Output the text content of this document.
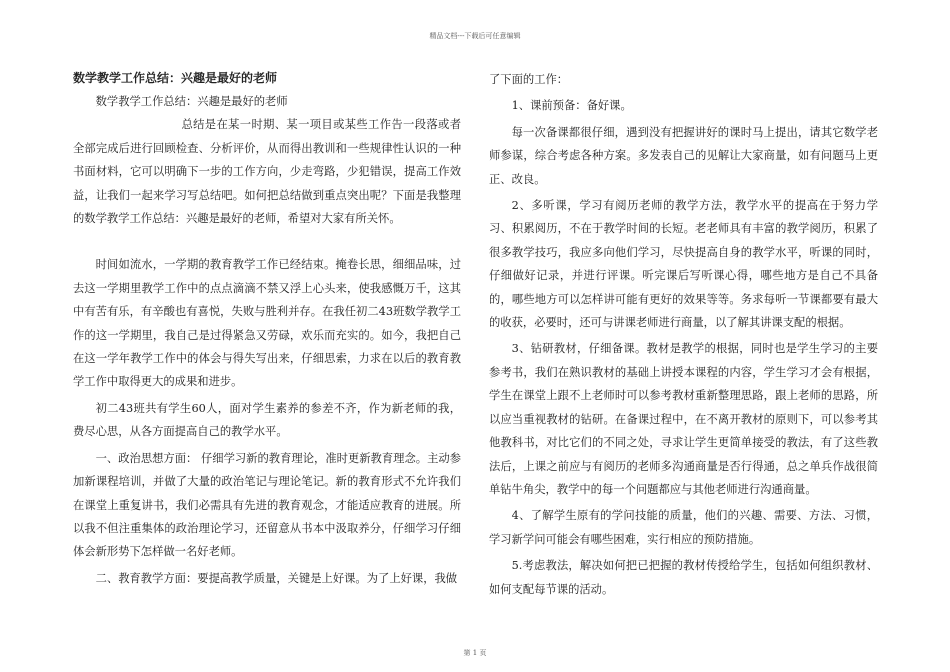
精品文档---下载后可任意编辑
数学教学工作总结：兴趣是最好的老师

数学教学工作总结：兴趣是最好的老师

总结是在某一时期、某一项目或某些工作告一段落或者全部完成后进行回顾检查、分析评价，从而得出教训和一些规律性认识的一种书面材料，它可以明确下一步的工作方向，少走弯路，少犯错误，提高工作效益，让我们一起来学习写总结吧。如何把总结做到重点突出呢？下面是我整理的数学教学工作总结：兴趣是最好的老师，希望对大家有所关怀。

时间如流水，一学期的教育教学工作已经结束。掩卷长思，细细品味，过去这一学期里教学工作中的点点滴滴不禁又浮上心头来，使我感慨万千，这其中有苦有乐，有辛酸也有喜悦，失败与胜利并存。在我任初二43班数学教学工作的这一学期里，我自己是过得紧急又劳碌，欢乐而充实的。如今，我把自己在这一学年教学工作中的体会与得失写出来，仔细思索，力求在以后的教育教学工作中取得更大的成果和进步。

初二43班共有学生60人，面对学生素养的参差不齐，作为新老师的我，费尽心思，从各方面提高自己的教学水平。

一、政治思想方面： 仔细学习新的教育理论，准时更新教育理念。主动参加新课程培训，并做了大量的政治笔记与理论笔记。新的教育形式不允许我们在课堂上重复讲书，我们必需具有先进的教育观念，才能适应教育的进展。所以我不但注重集体的政治理论学习，还留意从书本中汲取养分，仔细学习仔细体会新形势下怎样做一名好老师。

二、教育教学方面：要提高教学质量，关键是上好课。为了上好课，我做

了下面的工作：

1、课前预备：备好课。

每一次备课都很仔细，遇到没有把握讲好的课时马上提出，请其它数学老师参谋，综合考虑各种方案。多发表自己的见解让大家商量，如有问题马上更正、改良。

2、多听课，学习有阅历老师的教学方法，教学水平的提高在于努力学习、积累阅历，不在于教学时间的长短。老老师具有丰富的教学阅历，积累了很多教学技巧，我应多向他们学习，尽快提高自身的教学水平，听课的同时，仔细做好记录，并进行评课。听完课后写听课心得，哪些地方是自己不具备的，哪些地方可以怎样讲可能有更好的效果等等。务求每听一节课都要有最大的收获，必要时，还可与讲课老师进行商量，以了解其讲课支配的根据。

3、钻研教材，仔细备课。教材是教学的根据，同时也是学生学习的主要参考书，我们在熟识教材的基础上讲授本课程的内容，学生学习才会有根据，学生在课堂上跟不上老师时可以参考教材重新整理思路，跟上老师的思路，所以应当重视教材的钻研。在备课过程中，在不离开教材的原则下，可以参考其他教科书，对比它们的不同之处，寻求让学生更简单接受的教法，有了这些教法后，上课之前应与有阅历的老师多沟通商量是否行得通，总之单兵作战很简单钻牛角尖，教学中的每一个问题都应与其他老师进行沟通商量。

4、了解学生原有的学问技能的质量，他们的兴趣、需要、方法、习惯，学习新学问可能会有哪些困难，实行相应的预防措施。

5.考虑教法，解决如何把已把握的教材传授给学生，包括如何组织教材、如何支配每节课的活动。

第 1 页
